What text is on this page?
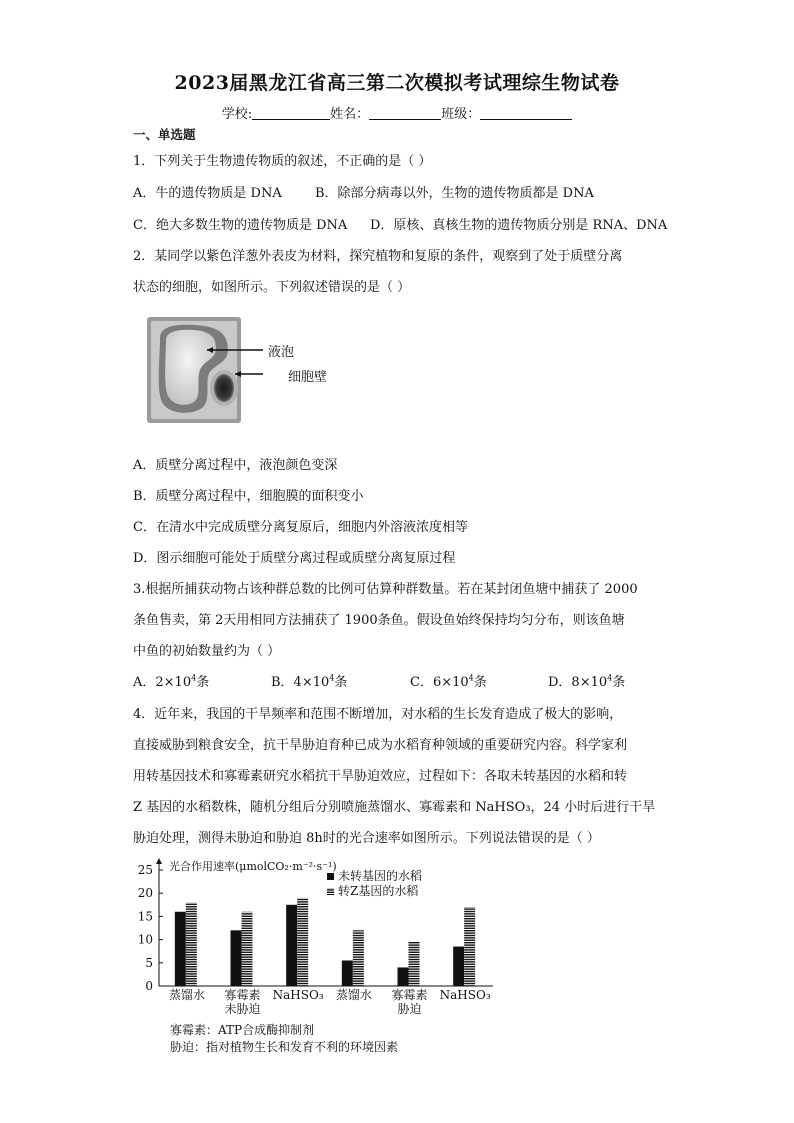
2023届黑龙江省高三第二次模拟考试理综生物试卷
学校:	姓名：	班级：
一、单选题
1．下列关于生物遗传物质的叙述，不正确的是（ ）
A．牛的遗传物质是 DNA	B．除部分病毒以外，生物的遗传物质都是 DNA
C．绝大多数生物的遗传物质是 DNA D．原核、真核生物的遗传物质分别是 RNA、DNA
2．某同学以紫色洋葱外表皮为材料，探究植物和复原的条件，观察到了处于质壁分离
状态的细胞，如图所示。下列叙述错误的是（ ）
液泡
细胞壁
A．质壁分离过程中，液泡颜色变深
B．质壁分离过程中，细胞膜的面积变小
C．在清水中完成质壁分离复原后，细胞内外溶液浓度相等
D．图示细胞可能处于质壁分离过程或质壁分离复原过程
3.根据所捕获动物占该种群总数的比例可估算种群数量。若在某封闭鱼塘中捕获了 2000
条鱼售卖，第 2天用相同方法捕获了 1900条鱼。假设鱼始终保持均匀分布，则该鱼塘
中鱼的初始数量约为（ ）
A．$2\times 10^4$条	B．$4\times 10^4$条	C．$6\times 10^4$条	D．$8\times 10^4$条
4．近年来，我国的干旱频率和范围不断增加，对水稻的生长发育造成了极大的影响，
直接威胁到粮食安全，抗干旱胁迫育种已成为水稻育种领域的重要研究内容。科学家利
用转基因技术和寡霉素研究水稻抗干旱胁迫效应，过程如下：各取未转基因的水稻和转
Z 基因的水稻数株，随机分组后分别喷施蒸馏水、寡霉素和 NaHSO₃，24 小时后进行干旱
胁迫处理，测得未胁迫和胁迫 8h时的光合速率如图所示。下列说法错误的是（ ）
0
5
10
15
20
25 光合作用速率(μmolCO₂·m⁻²·s⁻¹)
未转基因的水稻
转Z基因的水稻
蒸馏水 寡霉素 NaHSO₃ 蒸馏水 寡霉素 NaHSO₃
未胁迫	胁迫
寡霉素：ATP合成酶抑制剂
胁迫：指对植物生长和发育不利的环境因素
